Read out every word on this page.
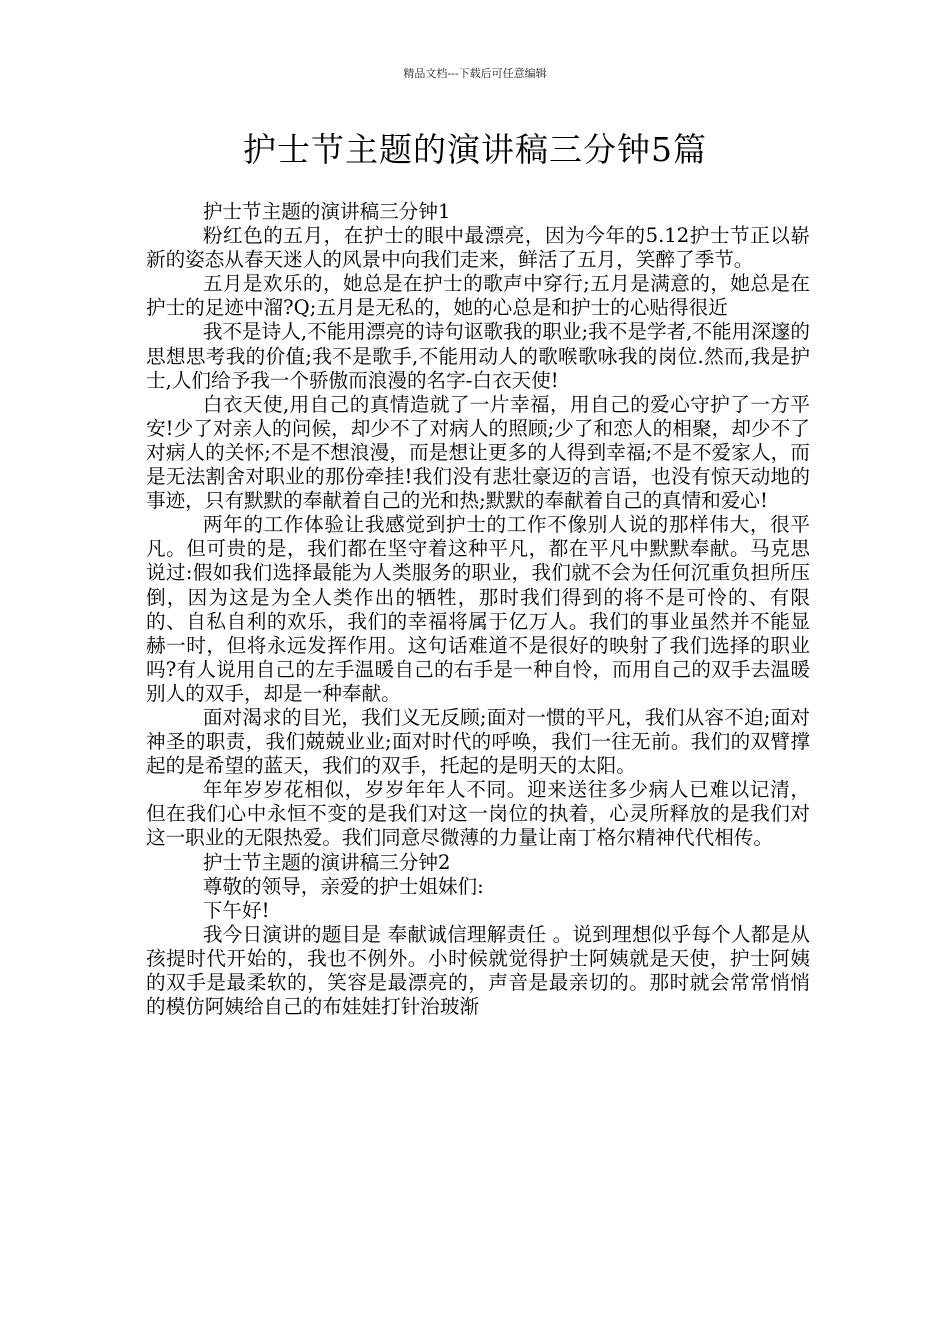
精品文档---下载后可任意编辑
护士节主题的演讲稿三分钟5篇

护士节主题的演讲稿三分钟1

粉红色的五月，在护士的眼中最漂亮，因为今年的5.12护士节正以崭新的姿态从春天迷人的风景中向我们走来，鲜活了五月，笑醉了季节。

五月是欢乐的，她总是在护士的歌声中穿行;五月是满意的，她总是在护士的足迹中溜?Q;五月是无私的，她的心总是和护士的心贴得很近

我不是诗人,不能用漂亮的诗句讴歌我的职业;我不是学者,不能用深邃的思想思考我的价值;我不是歌手,不能用动人的歌喉歌咏我的岗位.然而,我是护士,人们给予我一个骄傲而浪漫的名字-白衣天使!

白衣天使,用自己的真情造就了一片幸福，用自己的爱心守护了一方平安!少了对亲人的问候，却少不了对病人的照顾;少了和恋人的相聚，却少不了对病人的关怀;不是不想浪漫，而是想让更多的人得到幸福;不是不爱家人，而是无法割舍对职业的那份牵挂!我们没有悲壮豪迈的言语，也没有惊天动地的事迹，只有默默的奉献着自己的光和热;默默的奉献着自己的真情和爱心!

两年的工作体验让我感觉到护士的工作不像别人说的那样伟大，很平凡。但可贵的是，我们都在坚守着这种平凡，都在平凡中默默奉献。马克思说过:假如我们选择最能为人类服务的职业，我们就不会为任何沉重负担所压倒，因为这是为全人类作出的牺牲，那时我们得到的将不是可怜的、有限的、自私自利的欢乐，我们的幸福将属于亿万人。我们的事业虽然并不能显赫一时，但将永远发挥作用。这句话难道不是很好的映射了我们选择的职业吗?有人说用自己的左手温暖自己的右手是一种自怜，而用自己的双手去温暖别人的双手，却是一种奉献。

面对渴求的目光，我们义无反顾;面对一惯的平凡，我们从容不迫;面对神圣的职责，我们兢兢业业;面对时代的呼唤，我们一往无前。我们的双臂撑起的是希望的蓝天，我们的双手，托起的是明天的太阳。

年年岁岁花相似，岁岁年年人不同。迎来送往多少病人已难以记清，但在我们心中永恒不变的是我们对这一岗位的执着，心灵所释放的是我们对这一职业的无限热爱。我们同意尽微薄的力量让南丁格尔精神代代相传。

护士节主题的演讲稿三分钟2

尊敬的领导，亲爱的护士姐妹们:

下午好!

我今日演讲的题目是 奉献诚信理解责任 。说到理想似乎每个人都是从孩提时代开始的，我也不例外。小时候就觉得护士阿姨就是天使，护士阿姨的双手是最柔软的，笑容是最漂亮的，声音是最亲切的。那时就会常常悄悄的模仿阿姨给自己的布娃娃打针治玻渐
